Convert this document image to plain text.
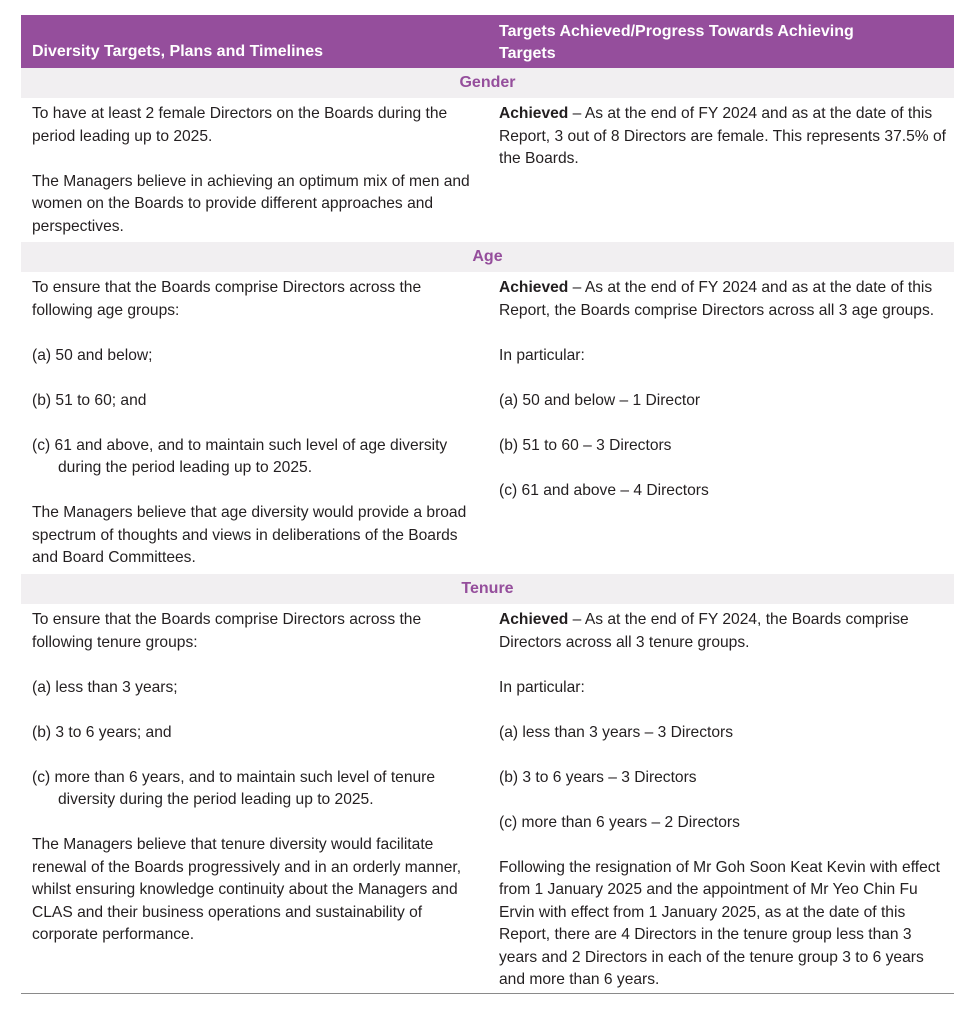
Diversity Targets, Plans and Timelines
Targets Achieved/Progress Towards Achieving
Targets
Gender

To have at least 2 female Directors on the Boards during the period leading up to 2025.

The Managers believe in achieving an optimum mix of men and women on the Boards to provide different approaches and perspectives.

Achieved – As at the end of FY 2024 and as at the date of this Report, 3 out of 8 Directors are female. This represents 37.5% of the Boards.

Age

To ensure that the Boards comprise Directors across the following age groups:

(a) 50 and below;

(b) 51 to 60; and

(c) 61 and above, and to maintain such level of age diversity during the period leading up to 2025.

The Managers believe that age diversity would provide a broad spectrum of thoughts and views in deliberations of the Boards and Board Committees.

Achieved – As at the end of FY 2024 and as at the date of this Report, the Boards comprise Directors across all 3 age groups.

In particular:

(a) 50 and below – 1 Director

(b) 51 to 60 – 3 Directors

(c) 61 and above – 4 Directors

Tenure

To ensure that the Boards comprise Directors across the following tenure groups:

(a) less than 3 years;

(b) 3 to 6 years; and

(c) more than 6 years, and to maintain such level of tenure diversity during the period leading up to 2025.

The Managers believe that tenure diversity would facilitate renewal of the Boards progressively and in an orderly manner, whilst ensuring knowledge continuity about the Managers and CLAS and their business operations and sustainability of corporate performance.

Achieved – As at the end of FY 2024, the Boards comprise Directors across all 3 tenure groups.

In particular:

(a) less than 3 years – 3 Directors

(b) 3 to 6 years – 3 Directors

(c) more than 6 years – 2 Directors

Following the resignation of Mr Goh Soon Keat Kevin with effect from 1 January 2025 and the appointment of Mr Yeo Chin Fu Ervin with effect from 1 January 2025, as at the date of this Report, there are 4 Directors in the tenure group less than 3 years and 2 Directors in each of the tenure group 3 to 6 years and more than 6 years.
